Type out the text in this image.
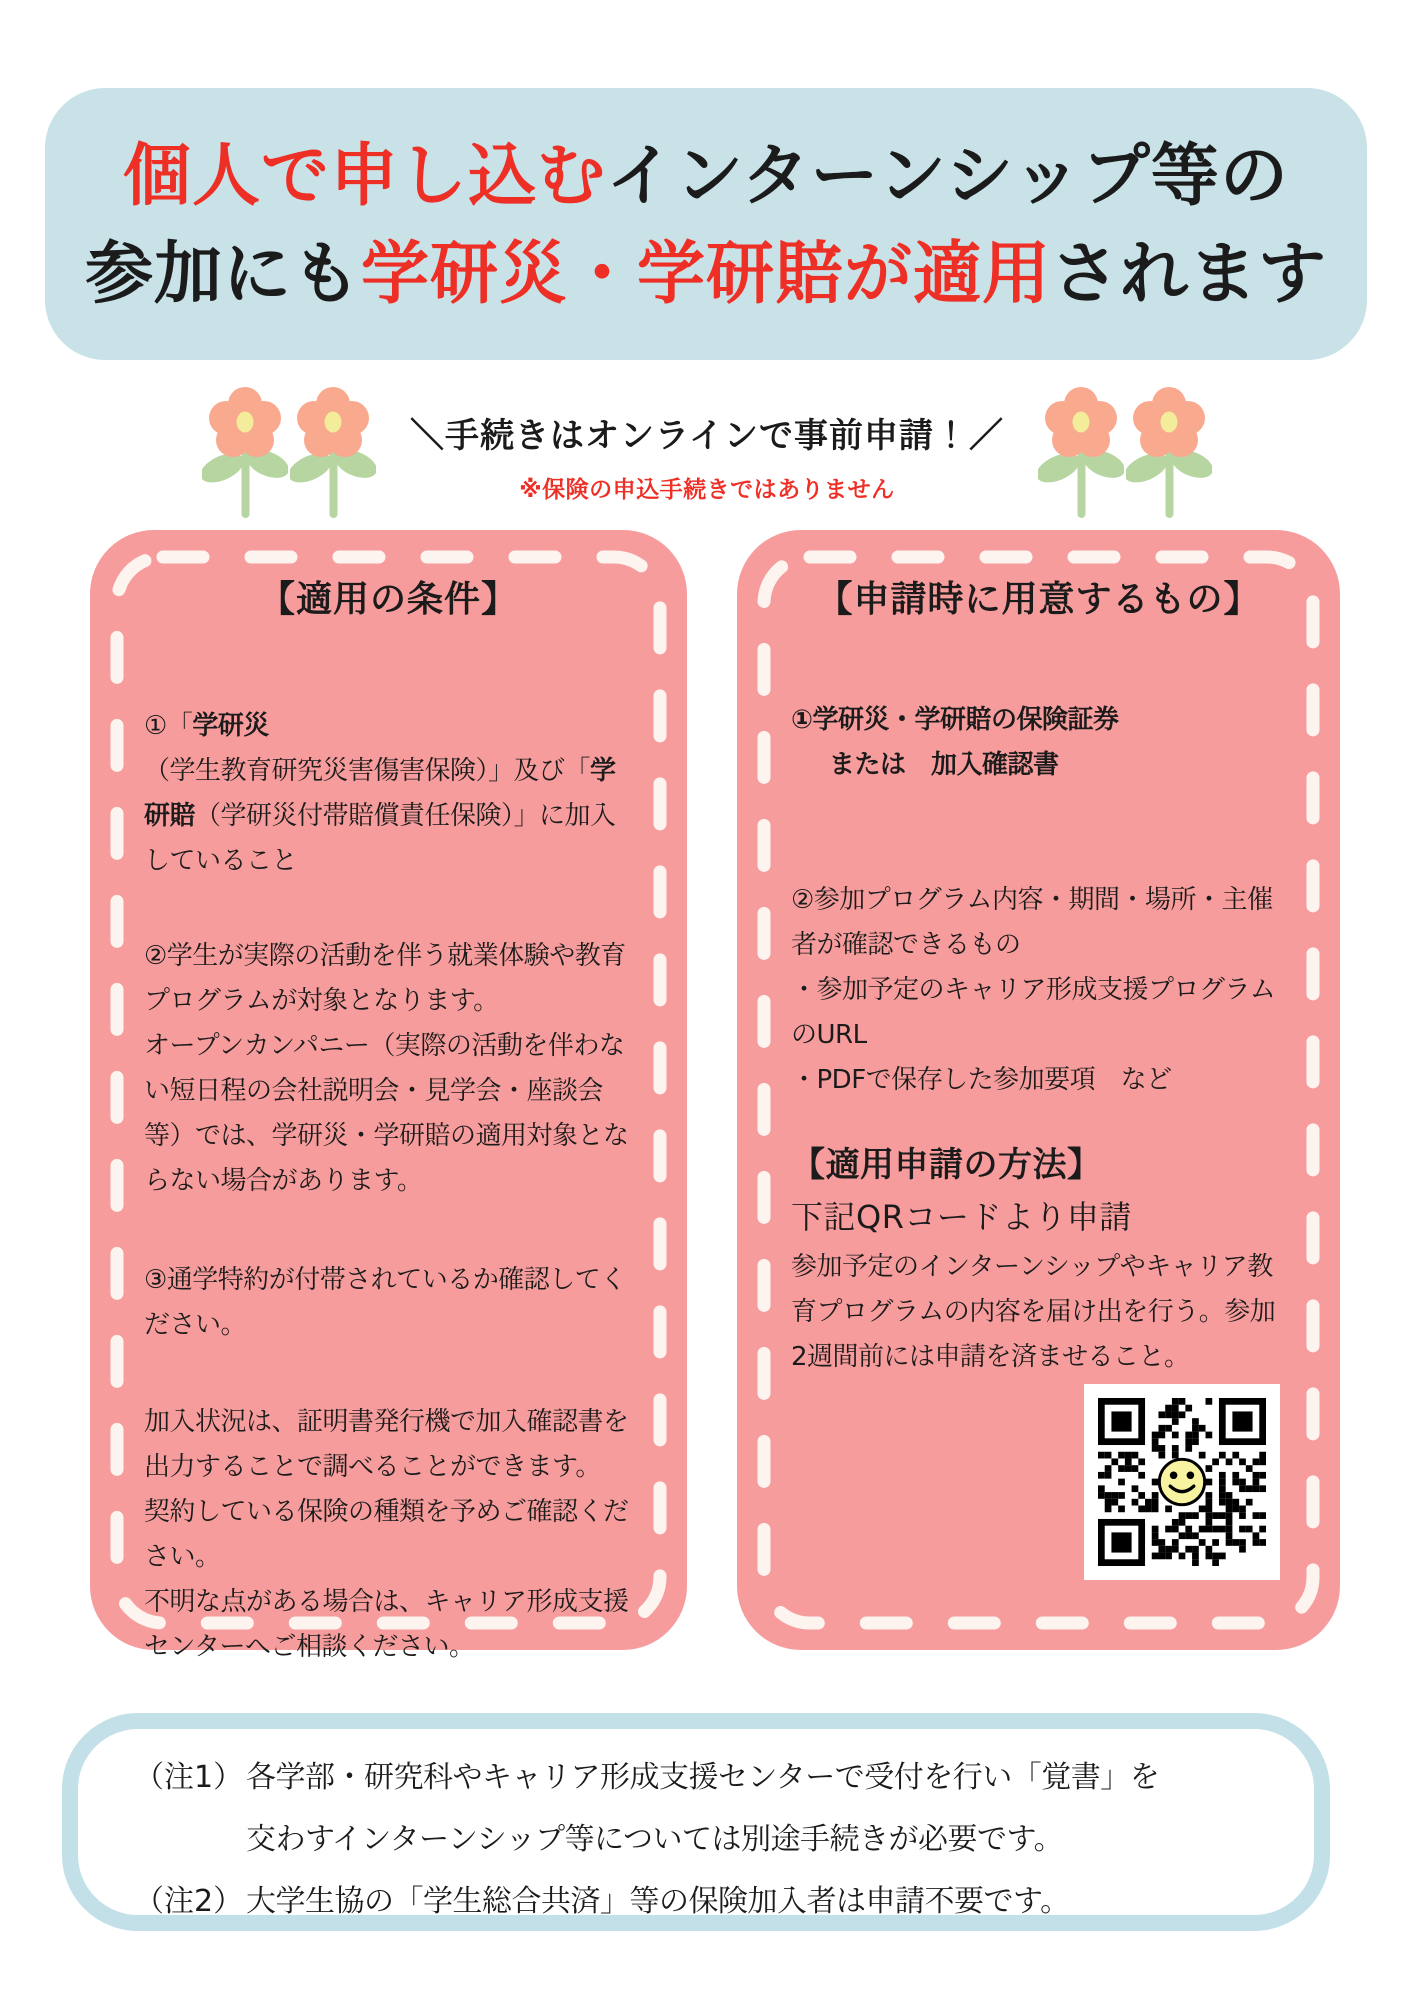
個人で申し込むインターンシップ等の
参加にも学研災・学研賠が適用されます
＼手続きはオンラインで事前申請！／
※保険の申込手続きではありません
【適用の条件】

①「学研災（学生教育研究災害傷害保険）」及び「学研賠（学研災付帯賠償責任保険）」に加入していること

②学生が実際の活動を伴う就業体験や教育プログラムが対象となります。
オープンカンパニー（実際の活動を伴わない短日程の会社説明会・見学会・座談会等）では、学研災・学研賠の適用対象とならない場合があります。

③通学特約が付帯されているか確認してください。

加入状況は、証明書発行機で加入確認書を出力することで調べることができます。
契約している保険の種類を予めご確認ください。
不明な点がある場合は、キャリア形成支援センターへご相談ください。

【申請時に用意するもの】

①学研災・学研賠の保険証券
または　加入確認書

②参加プログラム内容・期間・場所・主催者が確認できるもの
・参加予定のキャリア形成支援プログラムのURL
・PDFで保存した参加要項　など

【適用申請の方法】
下記QRコードより申請

参加予定のインターンシップやキャリア教育プログラムの内容を届け出を行う。参加2週間前には申請を済ませること。

（注1） 各学部・研究科やキャリア形成支援センターで受付を行い「覚書」を
交わすインターンシップ等については別途手続きが必要です。
（注2） 大学生協の「学生総合共済」等の保険加入者は申請不要です。
